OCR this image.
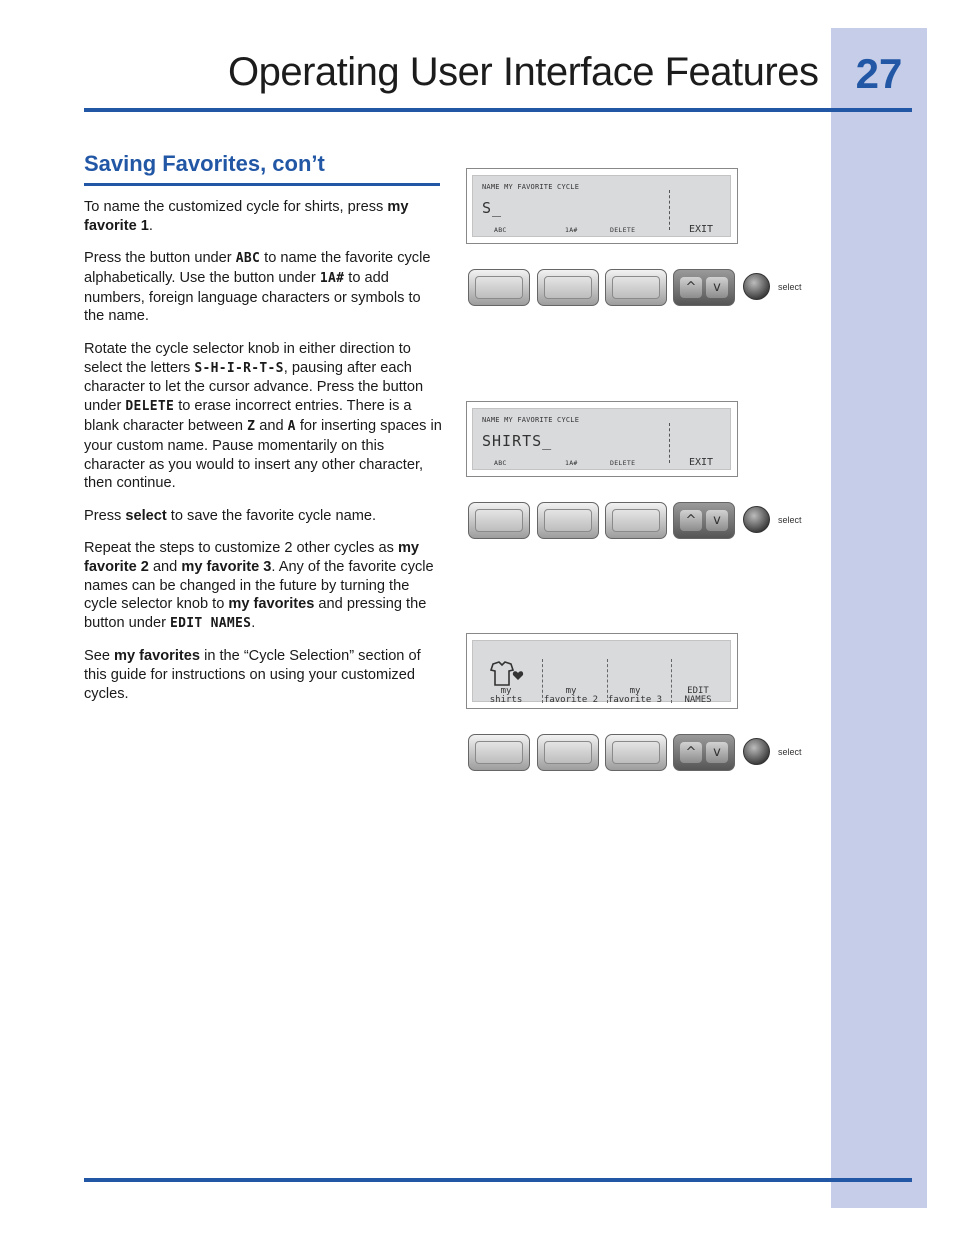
Operating User Interface Features 27
Saving Favorites, con’t

To name the customized cycle for shirts, press my favorite 1.

Press the button under ABC to name the favorite cycle alphabetically. Use the button under 1A# to add numbers, foreign language characters or symbols to the name.

Rotate the cycle selector knob in either direction to select the letters S-H-I-R-T-S, pausing after each character to let the cursor advance. Press the button under DELETE to erase incorrect entries. There is a blank character between Z and A for inserting spaces in your custom name. Pause momentarily on this character as you would to insert any other character, then continue.

Press select to save the favorite cycle name.

Repeat the steps to customize 2 other cycles as my favorite 2 and my favorite 3. Any of the favorite cycle names can be changed in the future by turning the cycle selector knob to my favorites and pressing the button under EDIT NAMES.

See my favorites in the “Cycle Selection” section of this guide for instructions on using your customized cycles.

NAME MY FAVORITE CYCLE
S_
ABC	1A#	DELETE	EXIT
^	v	select
NAME MY FAVORITE CYCLE
SHIRTS_
ABC	1A#	DELETE	EXIT
^	v	select
my
shirts
my
favorite 2
my
favorite 3
EDIT
NAMES
^	v	select
